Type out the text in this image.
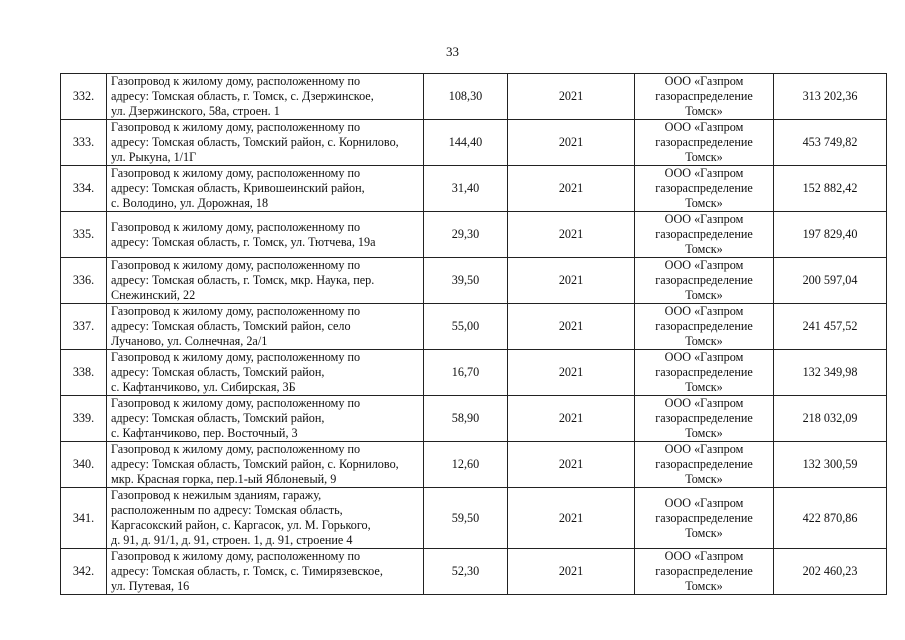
33
332.	Газопровод к жилому дому, расположенному по
адресу: Томская область, г. Томск, с. Дзержинское,
ул. Дзержинского, 58а, строен. 1	108,30	2021	ООО «Газпром
газораспределение
Томск»	313 202,36
333.	Газопровод к жилому дому, расположенному по
адресу: Томская область, Томский район, с. Корнилово,
ул. Рыкуна, 1/1Г	144,40	2021	ООО «Газпром
газораспределение
Томск»	453 749,82
334.	Газопровод к жилому дому, расположенному по
адресу: Томская область, Кривошеинский район,
с. Володино, ул. Дорожная, 18	31,40	2021	ООО «Газпром
газораспределение
Томск»	152 882,42
335.	Газопровод к жилому дому, расположенному по
адресу: Томская область, г. Томск, ул. Тютчева, 19а	29,30	2021	ООО «Газпром
газораспределение
Томск»	197 829,40
336.	Газопровод к жилому дому, расположенному по
адресу: Томская область, г. Томск, мкр. Наука, пер.
Снежинский, 22	39,50	2021	ООО «Газпром
газораспределение
Томск»	200 597,04
337.	Газопровод к жилому дому, расположенному по
адресу: Томская область, Томский район, село
Лучаново, ул. Солнечная, 2а/1	55,00	2021	ООО «Газпром
газораспределение
Томск»	241 457,52
338.	Газопровод к жилому дому, расположенному по
адресу: Томская область, Томский район,
с. Кафтанчиково, ул. Сибирская, 3Б	16,70	2021	ООО «Газпром
газораспределение
Томск»	132 349,98
339.	Газопровод к жилому дому, расположенному по
адресу: Томская область, Томский район,
с. Кафтанчиково, пер. Восточный, 3	58,90	2021	ООО «Газпром
газораспределение
Томск»	218 032,09
340.	Газопровод к жилому дому, расположенному по
адресу: Томская область, Томский район, с. Корнилово,
мкр. Красная горка, пер.1-ый Яблоневый, 9	12,60	2021	ООО «Газпром
газораспределение
Томск»	132 300,59
341.	Газопровод к нежилым зданиям, гаражу,
расположенным по адресу: Томская область,
Каргасокский район, с. Каргасок, ул. М. Горького,
д. 91, д. 91/1, д. 91, строен. 1, д. 91, строение 4	59,50	2021	ООО «Газпром
газораспределение
Томск»	422 870,86
342.	Газопровод к жилому дому, расположенному по
адресу: Томская область, г. Томск, с. Тимирязевское,
ул. Путевая, 16	52,30	2021	ООО «Газпром
газораспределение
Томск»	202 460,23
